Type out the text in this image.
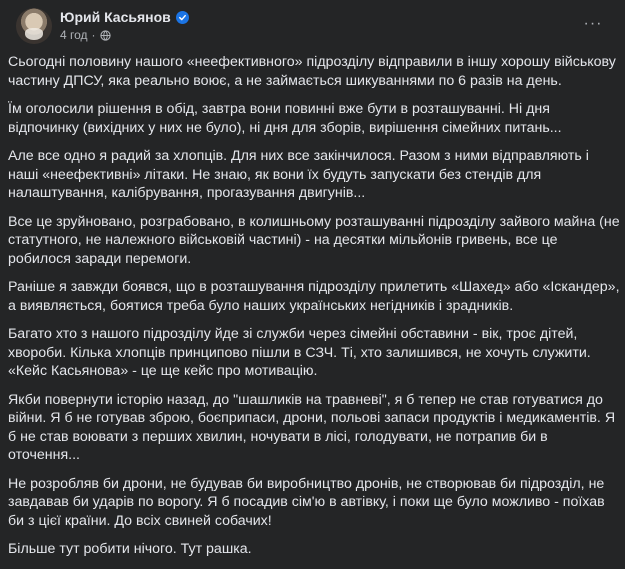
Юрий Касьянов
4 год ·
···

Сьогодні половину нашого «неефективного» підрозділу відправили в іншу хорошу військову частину ДПСУ, яка реально воює, а не займається шикуваннями по 6 разів на день.

Їм оголосили рішення в обід, завтра вони повинні вже бути в розташуванні. Ні дня відпочинку (вихідних у них не було), ні дня для зборів, вирішення сімейних питань...

Але все одно я радий за хлопців. Для них все закінчилося. Разом з ними відправляють і наші «неефективні» літаки. Не знаю, як вони їх будуть запускати без стендів для налаштування, калібрування, прогазування двигунів...

Все це зруйновано, розграбовано, в колишньому розташуванні підрозділу зайвого майна (не статутного, не належного військовій частині) - на десятки мільйонів гривень, все це робилося заради перемоги.

Раніше я завжди боявся, що в розташування підрозділу прилетить «Шахед» або «Іскандер», а виявляється, боятися треба було наших українських негідників і зрадників.

Багато хто з нашого підрозділу йде зі служби через сімейні обставини - вік, троє дітей, хвороби. Кілька хлопців принципово пішли в СЗЧ. Ті, хто залишився, не хочуть служити. «Кейс Касьянова» - це ще кейс про мотивацію.

Якби повернути історію назад, до "шашликів на травневі", я б тепер не став готуватися до війни. Я б не готував зброю, боєприпаси, дрони, польові запаси продуктів і медикаментів. Я б не став воювати з перших хвилин, ночувати в лісі, голодувати, не потрапив би в оточення...

Не розробляв би дрони, не будував би виробництво дронів, не створював би підрозділ, не завдавав би ударів по ворогу. Я б посадив сім'ю в автівку, і поки ще було можливо - поїхав би з цієї країни. До всіх свиней собачих!

Більше тут робити нічого. Тут рашка.
